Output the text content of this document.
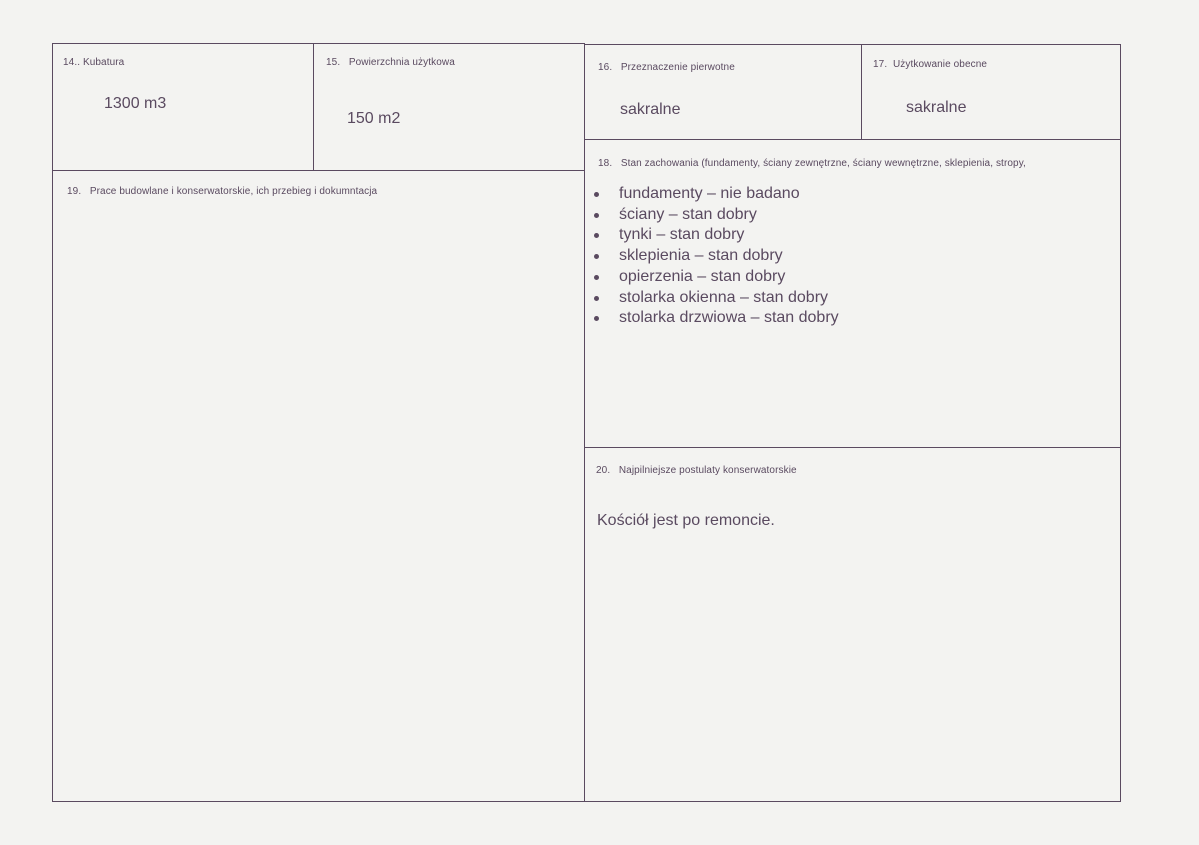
14.. Kubatura
1300 m3
15.   Powierzchnia użytkowa
150 m2
16.   Przeznaczenie pierwotne
sakralne
17.  Użytkowanie obecne
sakralne
18.   Stan zachowania (fundamenty, ściany zewnętrzne, ściany wewnętrzne, sklepienia, stropy,
fundamenty – nie badano
ściany – stan dobry
tynki – stan dobry
sklepienia – stan dobry
opierzenia – stan dobry
stolarka okienna – stan dobry
stolarka drzwiowa – stan dobry
19.   Prace budowlane i konserwatorskie, ich przebieg i dokumntacja
20.   Najpilniejsze postulaty konserwatorskie
Kościół jest po remoncie.
